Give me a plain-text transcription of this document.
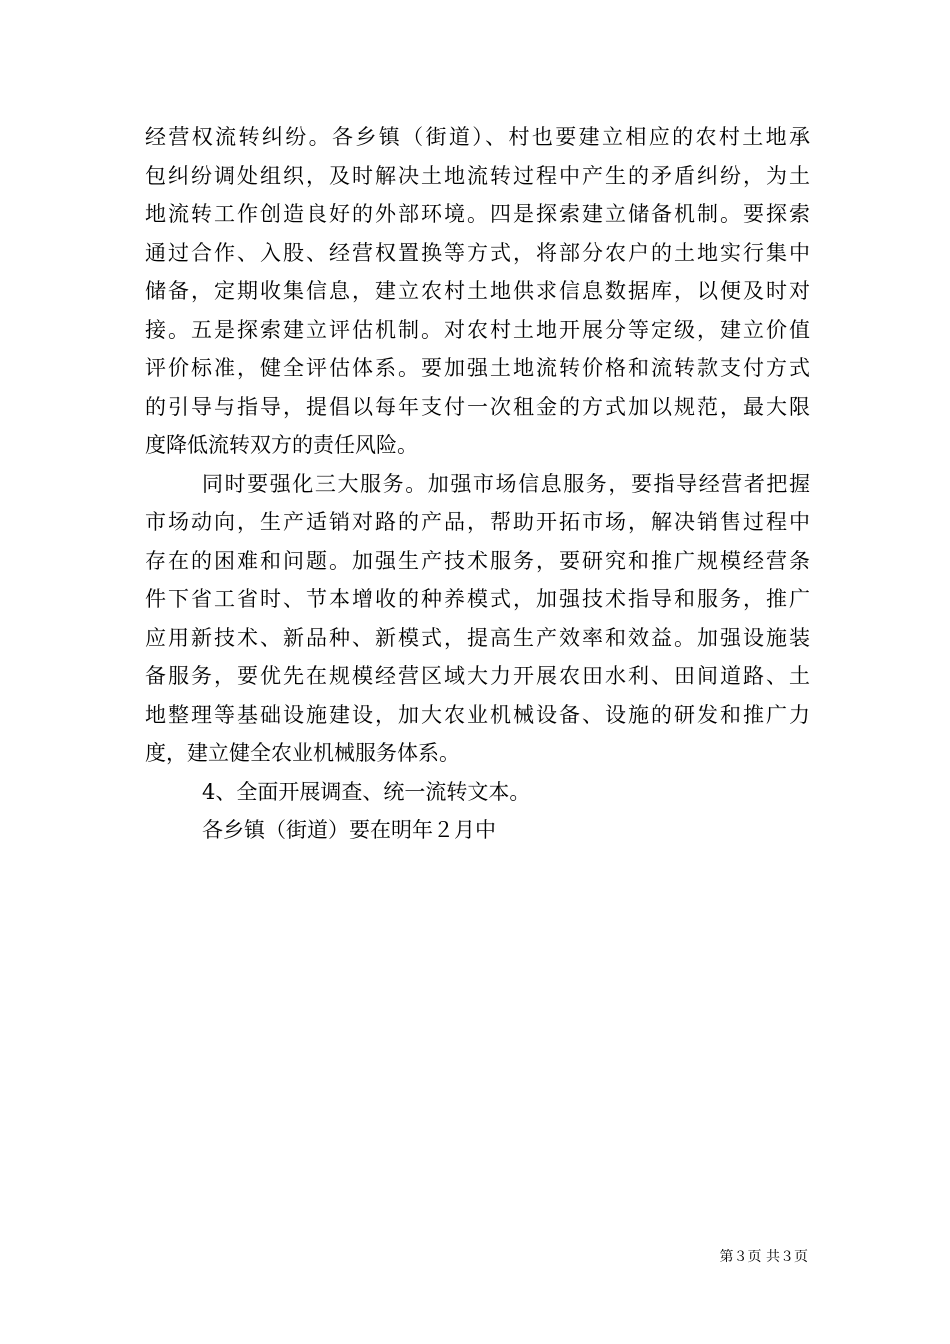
经营权流转纠纷。各乡镇（街道）、村也要建立相应的农村土地承
包纠纷调处组织，及时解决土地流转过程中产生的矛盾纠纷，为土
地流转工作创造良好的外部环境。四是探索建立储备机制。要探索
通过合作、入股、经营权置换等方式，将部分农户的土地实行集中
储备，定期收集信息，建立农村土地供求信息数据库，以便及时对
接。五是探索建立评估机制。对农村土地开展分等定级，建立价值
评价标准，健全评估体系。要加强土地流转价格和流转款支付方式
的引导与指导，提倡以每年支付一次租金的方式加以规范，最大限
度降低流转双方的责任风险。
同时要强化三大服务。加强市场信息服务，要指导经营者把握
市场动向，生产适销对路的产品，帮助开拓市场，解决销售过程中
存在的困难和问题。加强生产技术服务，要研究和推广规模经营条
件下省工省时、节本增收的种养模式，加强技术指导和服务，推广
应用新技术、新品种、新模式，提高生产效率和效益。加强设施装
备服务，要优先在规模经营区域大力开展农田水利、田间道路、土
地整理等基础设施建设，加大农业机械设备、设施的研发和推广力
度，建立健全农业机械服务体系。
4、全面开展调查、统一流转文本。
各乡镇（街道）要在明年２月中
第３页 共３页
